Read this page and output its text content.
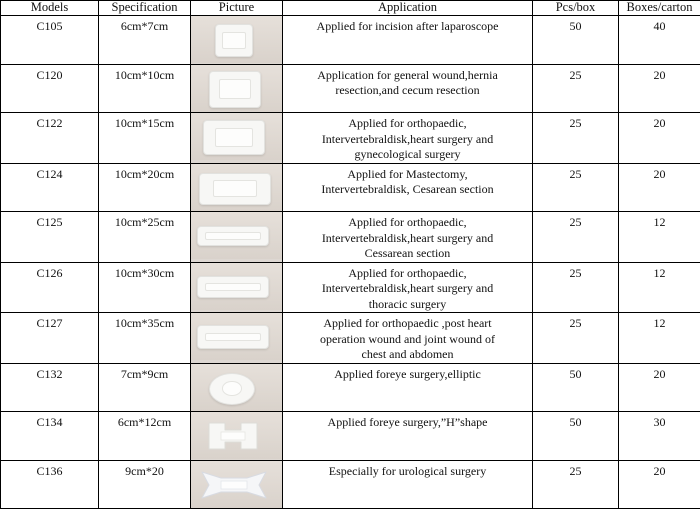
Models	Specification	Picture	Application	Pcs/box	Boxes/carton
C105	6cm*7cm		Applied for incision after laparoscope	50	40
C120	10cm*10cm		Application for general wound,hernia
resection,and cecum resection	25	20
C122	10cm*15cm		Applied for orthopaedic,
Intervertebraldisk,heart surgery and
gynecological surgery	25	20
C124	10cm*20cm		Applied for Mastectomy,
Intervertebraldisk, Cesarean section	25	20
C125	10cm*25cm		Applied for orthopaedic,
Intervertebraldisk,heart surgery and
Cessarean section	25	12
C126	10cm*30cm		Applied for orthopaedic,
Intervertebraldisk,heart surgery and
thoracic surgery	25	12
C127	10cm*35cm		Applied for orthopaedic ,post heart
operation wound and joint wound of
chest and abdomen	25	12
C132	7cm*9cm		Applied foreye surgery,elliptic	50	20
C134	6cm*12cm		Applied foreye surgery,”H”shape	50	30
C136	9cm*20		Especially for urological surgery	25	20
